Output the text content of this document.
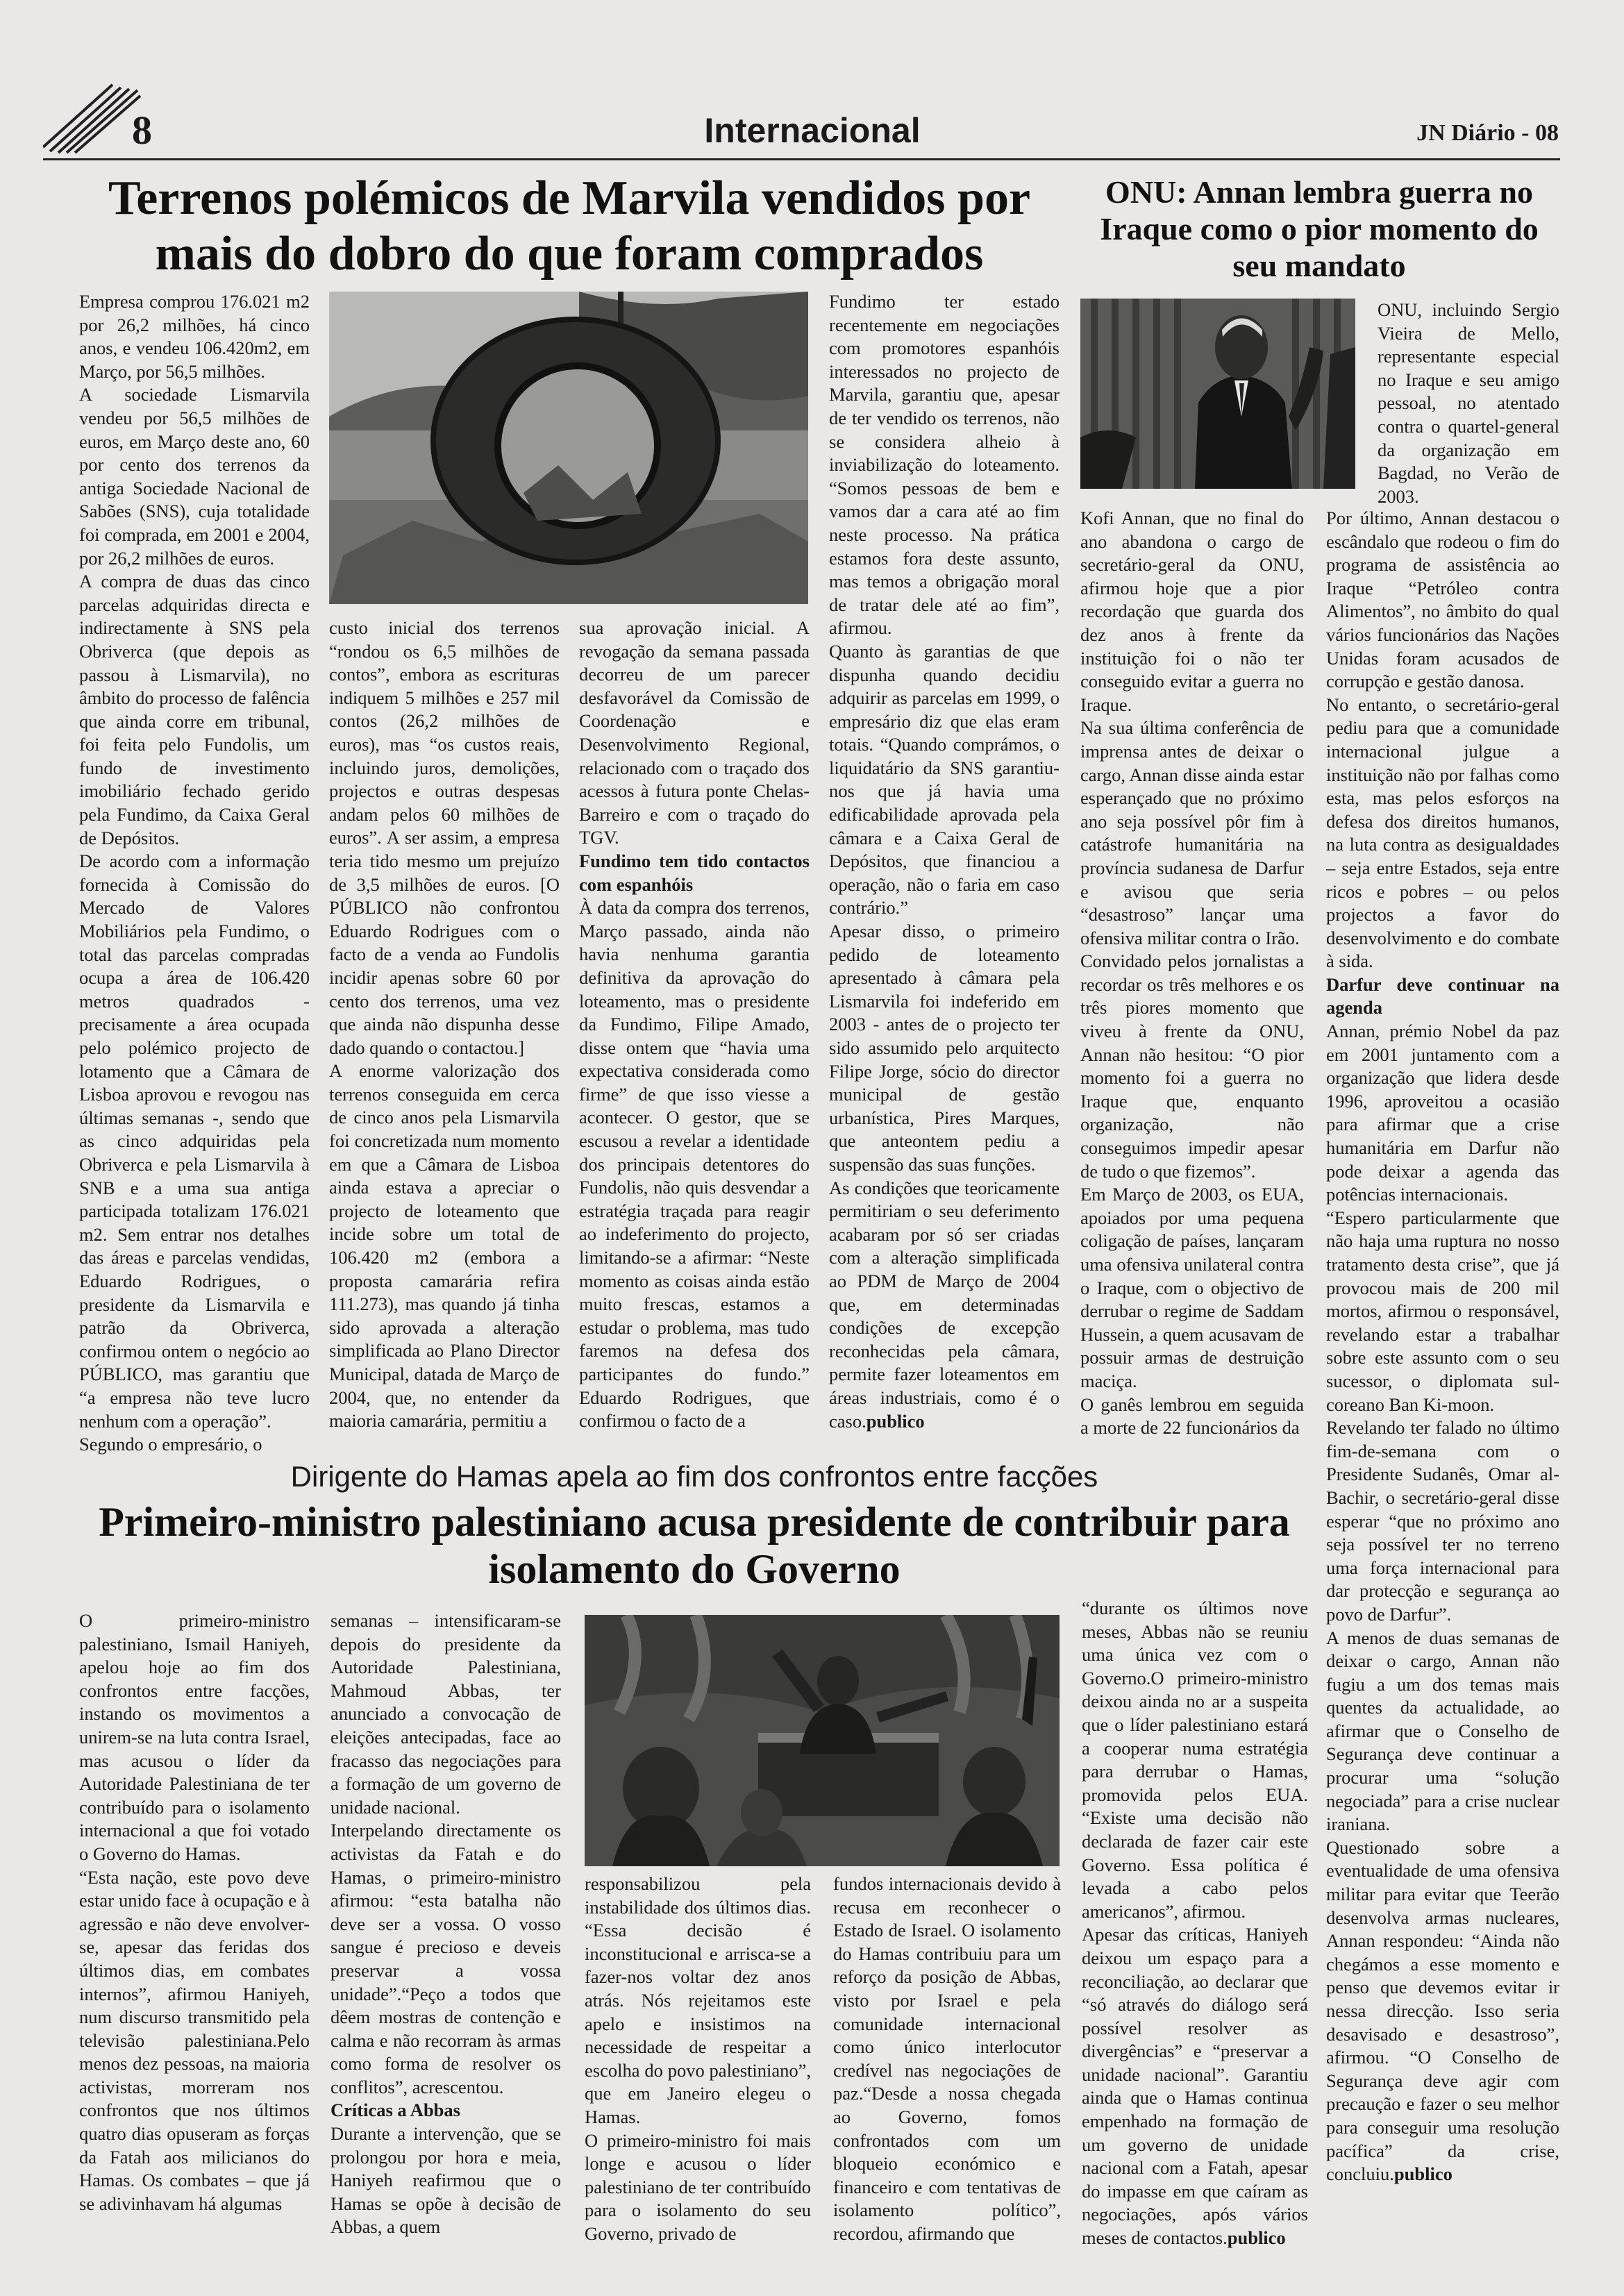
8	Internacional	JN Diário - 08
Terrenos polémicos de Marvila vendidos por mais do dobro do que foram comprados

Empresa comprou 176.021 m2 por 26,2 milhões, há cinco anos, e vendeu 106.420m2, em Março, por 56,5 milhões.

A sociedade Lismarvila vendeu por 56,5 milhões de euros, em Março deste ano, 60 por cento dos terrenos da antiga Sociedade Nacional de Sabões (SNS), cuja totalidade foi comprada, em 2001 e 2004, por 26,2 milhões de euros.

A compra de duas das cinco parcelas adquiridas directa e indirectamente à SNS pela Obriverca (que depois as passou à Lismarvila), no âmbito do processo de falência que ainda corre em tribunal, foi feita pelo Fundolis, um fundo de investimento imobiliário fechado gerido pela Fundimo, da Caixa Geral de Depósitos.

De acordo com a informação fornecida à Comissão do Mercado de Valores Mobiliários pela Fundimo, o total das parcelas compradas ocupa a área de 106.420 metros quadrados - precisamente a área ocupada pelo polémico projecto de lotamento que a Câmara de Lisboa aprovou e revogou nas últimas semanas -, sendo que as cinco adquiridas pela Obriverca e pela Lismarvila à SNB e a uma sua antiga participada totalizam 176.021 m2. Sem entrar nos detalhes das áreas e parcelas vendidas, Eduardo Rodrigues, o presidente da Lismarvila e patrão da Obriverca, confirmou ontem o negócio ao PÚBLICO, mas garantiu que “a empresa não teve lucro nenhum com a operação”.

Segundo o empresário, o

custo inicial dos terrenos “rondou os 6,5 milhões de contos”, embora as escrituras indiquem 5 milhões e 257 mil contos (26,2 milhões de euros), mas “os custos reais, incluindo juros, demolições, projectos e outras despesas andam pelos 60 milhões de euros”. A ser assim, a empresa teria tido mesmo um prejuízo de 3,5 milhões de euros. [O PÚBLICO não confrontou Eduardo Rodrigues com o facto de a venda ao Fundolis incidir apenas sobre 60 por cento dos terrenos, uma vez que ainda não dispunha desse dado quando o contactou.]

A enorme valorização dos terrenos conseguida em cerca de cinco anos pela Lismarvila foi concretizada num momento em que a Câmara de Lisboa ainda estava a apreciar o projecto de loteamento que incide sobre um total de 106.420 m2 (embora a proposta camarária refira 111.273), mas quando já tinha sido aprovada a alteração simplificada ao Plano Director Municipal, datada de Março de 2004, que, no entender da maioria camarária, permitiu a

sua aprovação inicial. A revogação da semana passada decorreu de um parecer desfavorável da Comissão de Coordenação e Desenvolvimento Regional, relacionado com o traçado dos acessos à futura ponte Chelas-Barreiro e com o traçado do TGV.

Fundimo tem tido contactos com espanhóis

À data da compra dos terrenos, Março passado, ainda não havia nenhuma garantia definitiva da aprovação do loteamento, mas o presidente da Fundimo, Filipe Amado, disse ontem que “havia uma expectativa considerada como firme” de que isso viesse a acontecer. O gestor, que se escusou a revelar a identidade dos principais detentores do Fundolis, não quis desvendar a estratégia traçada para reagir ao indeferimento do projecto, limitando-se a afirmar: “Neste momento as coisas ainda estão muito frescas, estamos a estudar o problema, mas tudo faremos na defesa dos participantes do fundo.” Eduardo Rodrigues, que confirmou o facto de a

Fundimo ter estado recentemente em negociações com promotores espanhóis interessados no projecto de Marvila, garantiu que, apesar de ter vendido os terrenos, não se considera alheio à inviabilização do loteamento. “Somos pessoas de bem e vamos dar a cara até ao fim neste processo. Na prática estamos fora deste assunto, mas temos a obrigação moral de tratar dele até ao fim”, afirmou.

Quanto às garantias de que dispunha quando decidiu adquirir as parcelas em 1999, o empresário diz que elas eram totais. “Quando comprámos, o liquidatário da SNS garantiu-nos que já havia uma edificabilidade aprovada pela câmara e a Caixa Geral de Depósitos, que financiou a operação, não o faria em caso contrário.”

Apesar disso, o primeiro pedido de loteamento apresentado à câmara pela Lismarvila foi indeferido em 2003 - antes de o projecto ter sido assumido pelo arquitecto Filipe Jorge, sócio do director municipal de gestão urbanística, Pires Marques, que anteontem pediu a suspensão das suas funções.

As condições que teoricamente permitiriam o seu deferimento acabaram por só ser criadas com a alteração simplificada ao PDM de Março de 2004 que, em determinadas condições de excepção reconhecidas pela câmara, permite fazer loteamentos em áreas industriais, como é o caso.publico

ONU: Annan lembra guerra no Iraque como o pior momento do seu mandato

ONU, incluindo Sergio Vieira de Mello, representante especial no Iraque e seu amigo pessoal, no atentado contra o quartel-general da organização em Bagdad, no Verão de 2003.

Kofi Annan, que no final do ano abandona o cargo de secretário-geral da ONU, afirmou hoje que a pior recordação que guarda dos dez anos à frente da instituição foi o não ter conseguido evitar a guerra no Iraque.

Na sua última conferência de imprensa antes de deixar o cargo, Annan disse ainda estar esperançado que no próximo ano seja possível pôr fim à catástrofe humanitária na província sudanesa de Darfur e avisou que seria “desastroso” lançar uma ofensiva militar contra o Irão.

Convidado pelos jornalistas a recordar os três melhores e os três piores momento que viveu à frente da ONU, Annan não hesitou: “O pior momento foi a guerra no Iraque que, enquanto organização, não conseguimos impedir apesar de tudo o que fizemos”.

Em Março de 2003, os EUA, apoiados por uma pequena coligação de países, lançaram uma ofensiva unilateral contra o Iraque, com o objectivo de derrubar o regime de Saddam Hussein, a quem acusavam de possuir armas de destruição maciça.

O ganês lembrou em seguida a morte de 22 funcionários da

Por último, Annan destacou o escândalo que rodeou o fim do programa de assistência ao Iraque “Petróleo contra Alimentos”, no âmbito do qual vários funcionários das Nações Unidas foram acusados de corrupção e gestão danosa.

No entanto, o secretário-geral pediu para que a comunidade internacional julgue a instituição não por falhas como esta, mas pelos esforços na defesa dos direitos humanos, na luta contra as desigualdades – seja entre Estados, seja entre ricos e pobres – ou pelos projectos a favor do desenvolvimento e do combate à sida.

Darfur deve continuar na agenda

Annan, prémio Nobel da paz em 2001 juntamento com a organização que lidera desde 1996, aproveitou a ocasião para afirmar que a crise humanitária em Darfur não pode deixar a agenda das potências internacionais.

“Espero particularmente que não haja uma ruptura no nosso tratamento desta crise”, que já provocou mais de 200 mil mortos, afirmou o responsável, revelando estar a trabalhar sobre este assunto com o seu sucessor, o diplomata sul-coreano Ban Ki-moon.

Revelando ter falado no último fim-de-semana com o Presidente Sudanês, Omar al-Bachir, o secretário-geral disse esperar “que no próximo ano seja possível ter no terreno uma força internacional para dar protecção e segurança ao povo de Darfur”.

A menos de duas semanas de deixar o cargo, Annan não fugiu a um dos temas mais quentes da actualidade, ao afirmar que o Conselho de Segurança deve continuar a procurar uma “solução negociada” para a crise nuclear iraniana.

Questionado sobre a eventualidade de uma ofensiva militar para evitar que Teerão desenvolva armas nucleares, Annan respondeu: “Ainda não chegámos a esse momento e penso que devemos evitar ir nessa direcção. Isso seria desavisado e desastroso”, afirmou. “O Conselho de Segurança deve agir com precaução e fazer o seu melhor para conseguir uma resolução pacífica” da crise, concluiu.publico

Dirigente do Hamas apela ao fim dos confrontos entre facções
Primeiro-ministro palestiniano acusa presidente de contribuir para isolamento do Governo

O primeiro-ministro palestiniano, Ismail Haniyeh, apelou hoje ao fim dos confrontos entre facções, instando os movimentos a unirem-se na luta contra Israel, mas acusou o líder da Autoridade Palestiniana de ter contribuído para o isolamento internacional a que foi votado o Governo do Hamas.

“Esta nação, este povo deve estar unido face à ocupação e à agressão e não deve envolver-se, apesar das feridas dos últimos dias, em combates internos”, afirmou Haniyeh, num discurso transmitido pela televisão palestiniana.Pelo menos dez pessoas, na maioria activistas, morreram nos confrontos que nos últimos quatro dias opuseram as forças da Fatah aos milicianos do Hamas. Os combates – que já se adivinhavam há algumas

semanas – intensificaram-se depois do presidente da Autoridade Palestiniana, Mahmoud Abbas, ter anunciado a convocação de eleições antecipadas, face ao fracasso das negociações para a formação de um governo de unidade nacional.

Interpelando directamente os activistas da Fatah e do Hamas, o primeiro-ministro afirmou: “esta batalha não deve ser a vossa. O vosso sangue é precioso e deveis preservar a vossa unidade”.“Peço a todos que dêem mostras de contenção e calma e não recorram às armas como forma de resolver os conflitos”, acrescentou.

Críticas a Abbas

Durante a intervenção, que se prolongou por hora e meia, Haniyeh reafirmou que o Hamas se opõe à decisão de Abbas, a quem

responsabilizou pela instabilidade dos últimos dias. “Essa decisão é inconstitucional e arrisca-se a fazer-nos voltar dez anos atrás. Nós rejeitamos este apelo e insistimos na necessidade de respeitar a escolha do povo palestiniano”, que em Janeiro elegeu o Hamas.

O primeiro-ministro foi mais longe e acusou o líder palestiniano de ter contribuído para o isolamento do seu Governo, privado de

fundos internacionais devido à recusa em reconhecer o Estado de Israel. O isolamento do Hamas contribuiu para um reforço da posição de Abbas, visto por Israel e pela comunidade internacional como único interlocutor credível nas negociações de paz.“Desde a nossa chegada ao Governo, fomos confrontados com um bloqueio económico e financeiro e com tentativas de isolamento político”, recordou, afirmando que

“durante os últimos nove meses, Abbas não se reuniu uma única vez com o Governo.O primeiro-ministro deixou ainda no ar a suspeita que o líder palestiniano estará a cooperar numa estratégia para derrubar o Hamas, promovida pelos EUA. “Existe uma decisão não declarada de fazer cair este Governo. Essa política é levada a cabo pelos americanos”, afirmou.

Apesar das críticas, Haniyeh deixou um espaço para a reconciliação, ao declarar que “só através do diálogo será possível resolver as divergências” e “preservar a unidade nacional”. Garantiu ainda que o Hamas continua empenhado na formação de um governo de unidade nacional com a Fatah, apesar do impasse em que caíram as negociações, após vários meses de contactos.publico
